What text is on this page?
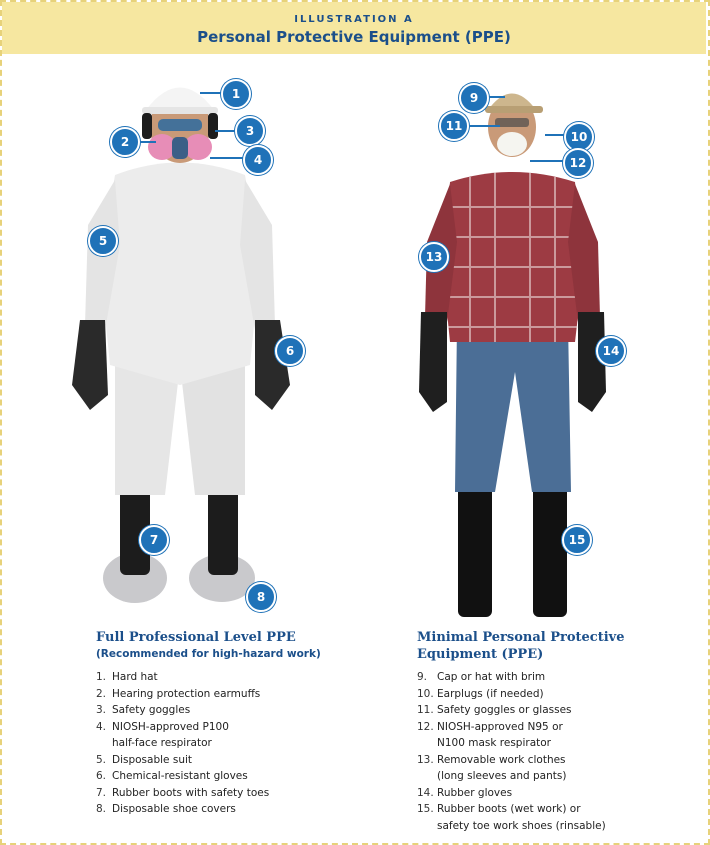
ILLUSTRATION A
Personal Protective Equipment (PPE)
1
2
3
4
5
6
7
8
9
10
11
12
13
14
15
Full Professional Level PPE
(Recommended for high-hazard work)
1. Hard hat
2. Hearing protection earmuffs
3. Safety goggles
4. NIOSH-approved P100
half-face respirator
5. Disposable suit
6. Chemical-resistant gloves
7. Rubber boots with safety toes
8. Disposable shoe covers
Minimal Personal Protective
Equipment (PPE)
9. Cap or hat with brim
10. Earplugs (if needed)
11. Safety goggles or glasses
12. NIOSH-approved N95 or
N100 mask respirator
13. Removable work clothes
(long sleeves and pants)
14. Rubber gloves
15. Rubber boots (wet work) or
safety toe work shoes (rinsable)
